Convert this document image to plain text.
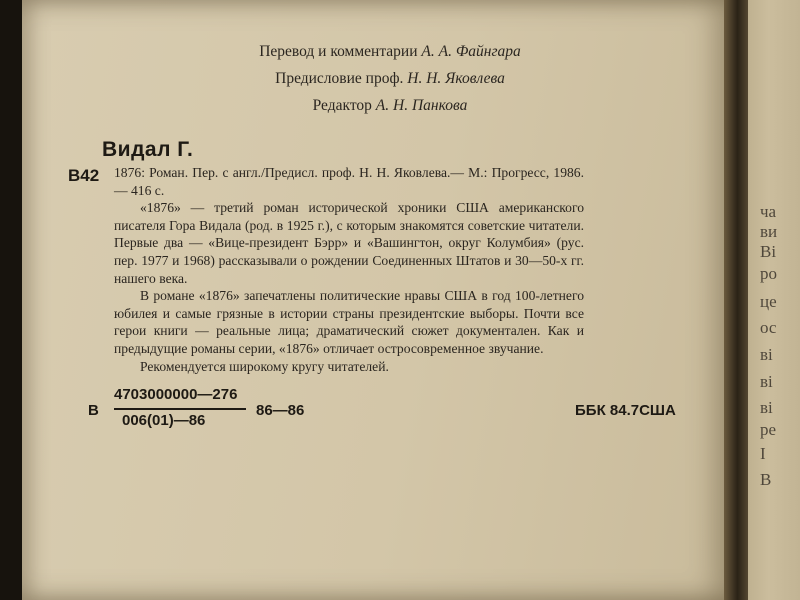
ча
ви
Ві
ро
це
ос
ві
ві
ві
ре
І
В
Перевод и комментарии А. А. Файнгара
Предисловие проф. Н. Н. Яковлева
Редактор А. Н. Панкова
Видал Г.
В42 1876: Роман. Пер. с англ./Предисл. проф. Н. Н. Яковлева.— М.: Прогресс, 1986.— 416 с.

«1876» — третий роман исторической хроники США американского писателя Гора Видала (род. в 1925 г.), с которым знакомятся советские читатели. Первые два — «Вице-президент Бэрр» и «Вашингтон, округ Колумбия» (рус. пер. 1977 и 1968) рассказывали о рождении Соединенных Штатов и 30—50-х гг. нашего века.

В романе «1876» запечатлены политические нравы США в год 100-летнего юбилея и самые грязные в истории страны президентские выборы. Почти все герои книги — реальные лица; драматический сюжет документален. Как и предыдущие романы серии, «1876» отличает остросовременное звучание.

Рекомендуется широкому кругу читателей.

В
4703000000—276
006(01)—86
86—86	ББК 84.7США
